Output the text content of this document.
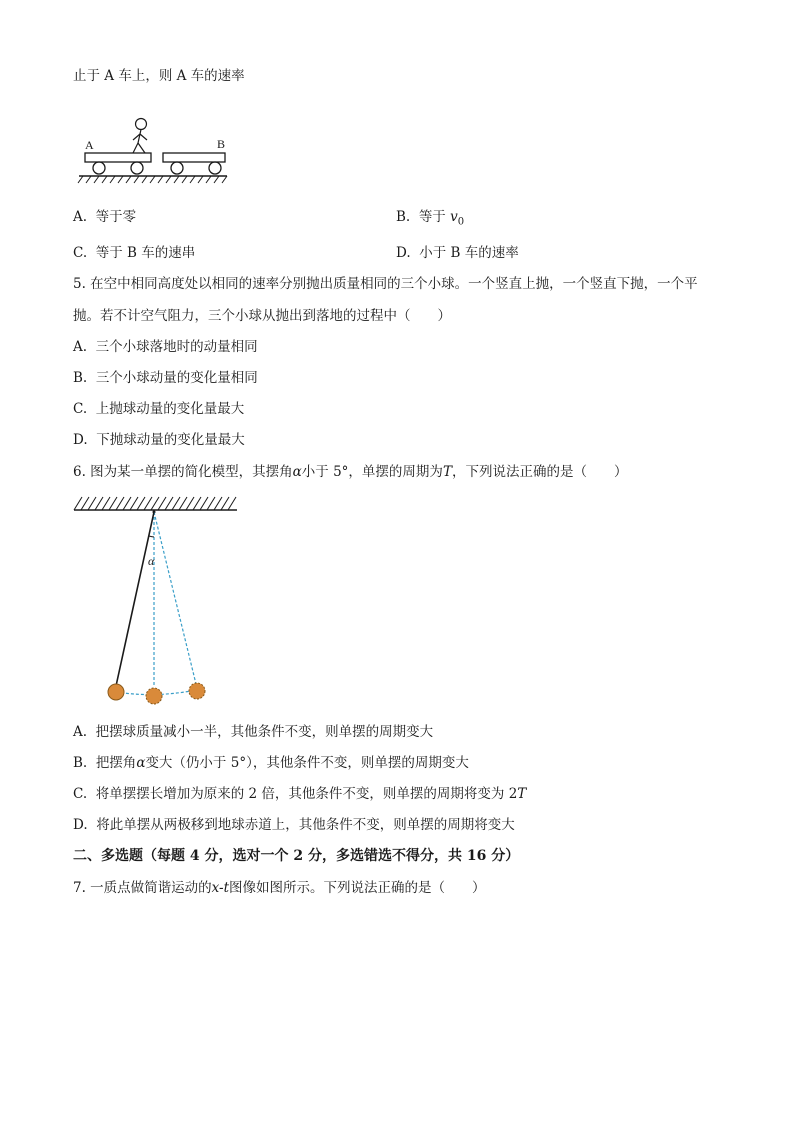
止于 A 车上，则 A 车的速率
A	B
A. 等于零	B. 等于 $v_0$
C. 等于 B 车的速串	D. 小于 B 车的速率
5. 在空中相同高度处以相同的速率分别抛出质量相同的三个小球。一个竖直上抛，一个竖直下抛，一个平
抛。若不计空气阻力，三个小球从抛出到落地的过程中（　　）
A. 三个小球落地时的动量相同
B. 三个小球动量的变化量相同
C. 上抛球动量的变化量最大
D. 下抛球动量的变化量最大
6. 图为某一单摆的简化模型，其摆角α小于 5°，单摆的周期为T，下列说法正确的是（　　）
α
A. 把摆球质量减小一半，其他条件不变，则单摆的周期变大
B. 把摆角α变大（仍小于 5°），其他条件不变，则单摆的周期变大
C. 将单摆摆长增加为原来的 2 倍，其他条件不变，则单摆的周期将变为 2T
D. 将此单摆从两极移到地球赤道上，其他条件不变，则单摆的周期将变大
二、多选题（每题 4 分，选对一个 2 分，多选错选不得分，共 16 分）
7. 一质点做简谐运动的x-t图像如图所示。下列说法正确的是（　　）
